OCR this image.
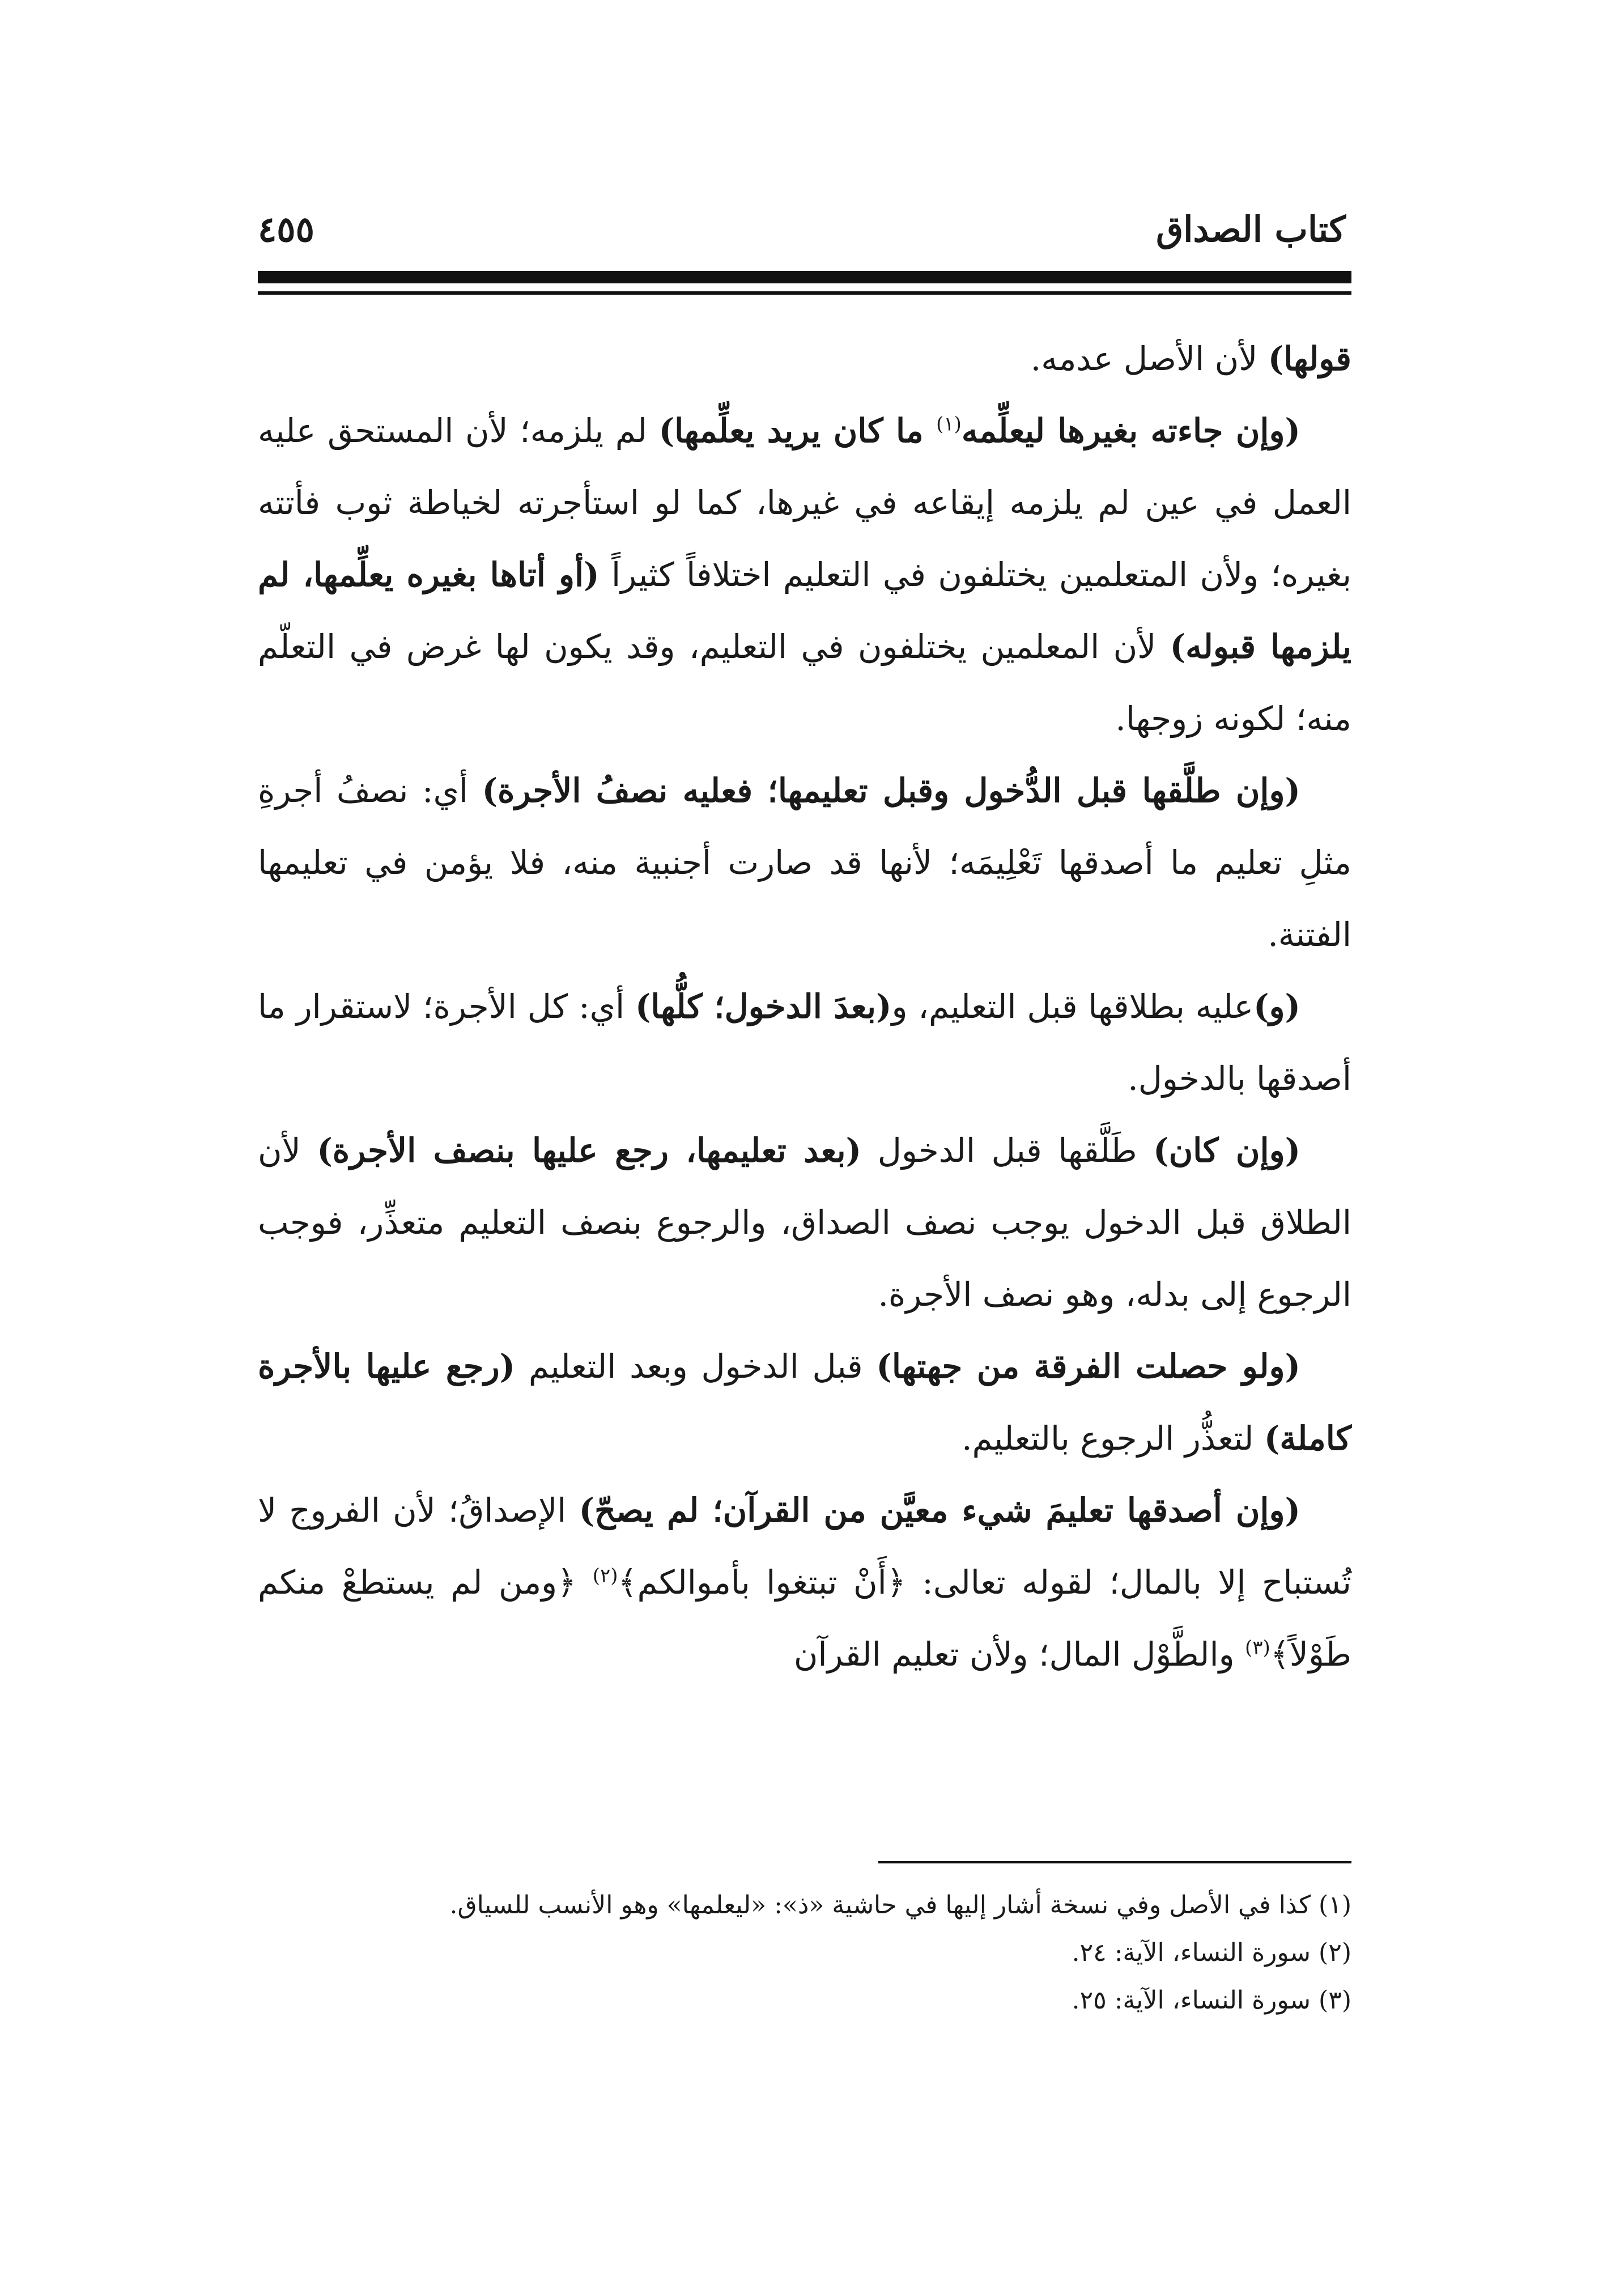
كتاب الصداق
٤٥٥

قولها) لأن الأصل عدمه.

(وإن جاءته بغيرها ليعلِّمه$^{(١)}$ ما كان يريد يعلِّمها) لم يلزمه؛ لأن المستحق عليه العمل في عين لم يلزمه إيقاعه في غيرها، كما لو استأجرته لخياطة ثوب فأتته بغيره؛ ولأن المتعلمين يختلفون في التعليم اختلافاً كثيراً (أو أتاها بغيره يعلِّمها، لم يلزمها قبوله) لأن المعلمين يختلفون في التعليم، وقد يكون لها غرض في التعلّم منه؛ لكونه زوجها.

(وإن طلَّقها قبل الدُّخول وقبل تعليمها؛ فعليه نصفُ الأجرة) أي: نصفُ أجرةِ مثلِ تعليم ما أصدقها تَعْلِيمَه؛ لأنها قد صارت أجنبية منه، فلا يؤمن في تعليمها الفتنة.

(و)عليه بطلاقها قبل التعليم، و(بعدَ الدخول؛ كلُّها) أي: كل الأجرة؛ لاستقرار ما أصدقها بالدخول.

(وإن كان) طَلَّقها قبل الدخول (بعد تعليمها، رجع عليها بنصف الأجرة) لأن الطلاق قبل الدخول يوجب نصف الصداق، والرجوع بنصف التعليم متعذِّر، فوجب الرجوع إلى بدله، وهو نصف الأجرة.

(ولو حصلت الفرقة من جهتها) قبل الدخول وبعد التعليم (رجع عليها بالأجرة كاملة) لتعذُّر الرجوع بالتعليم.

(وإن أصدقها تعليمَ شيء معيَّن من القرآن؛ لم يصحّ) الإصداقُ؛ لأن الفروج لا تُستباح إلا بالمال؛ لقوله تعالى: ﴿أَنْ تبتغوا بأموالكم﴾$^{(٢)}$ ﴿ومن لم يستطعْ منكم طَوْلاً﴾$^{(٣)}$ والطَّوْل المال؛ ولأن تعليم القرآن

(١) كذا في الأصل وفي نسخة أشار إليها في حاشية «ذ»: «ليعلمها» وهو الأنسب للسياق.

(٢) سورة النساء، الآية: ٢٤.

(٣) سورة النساء، الآية: ٢٥.
